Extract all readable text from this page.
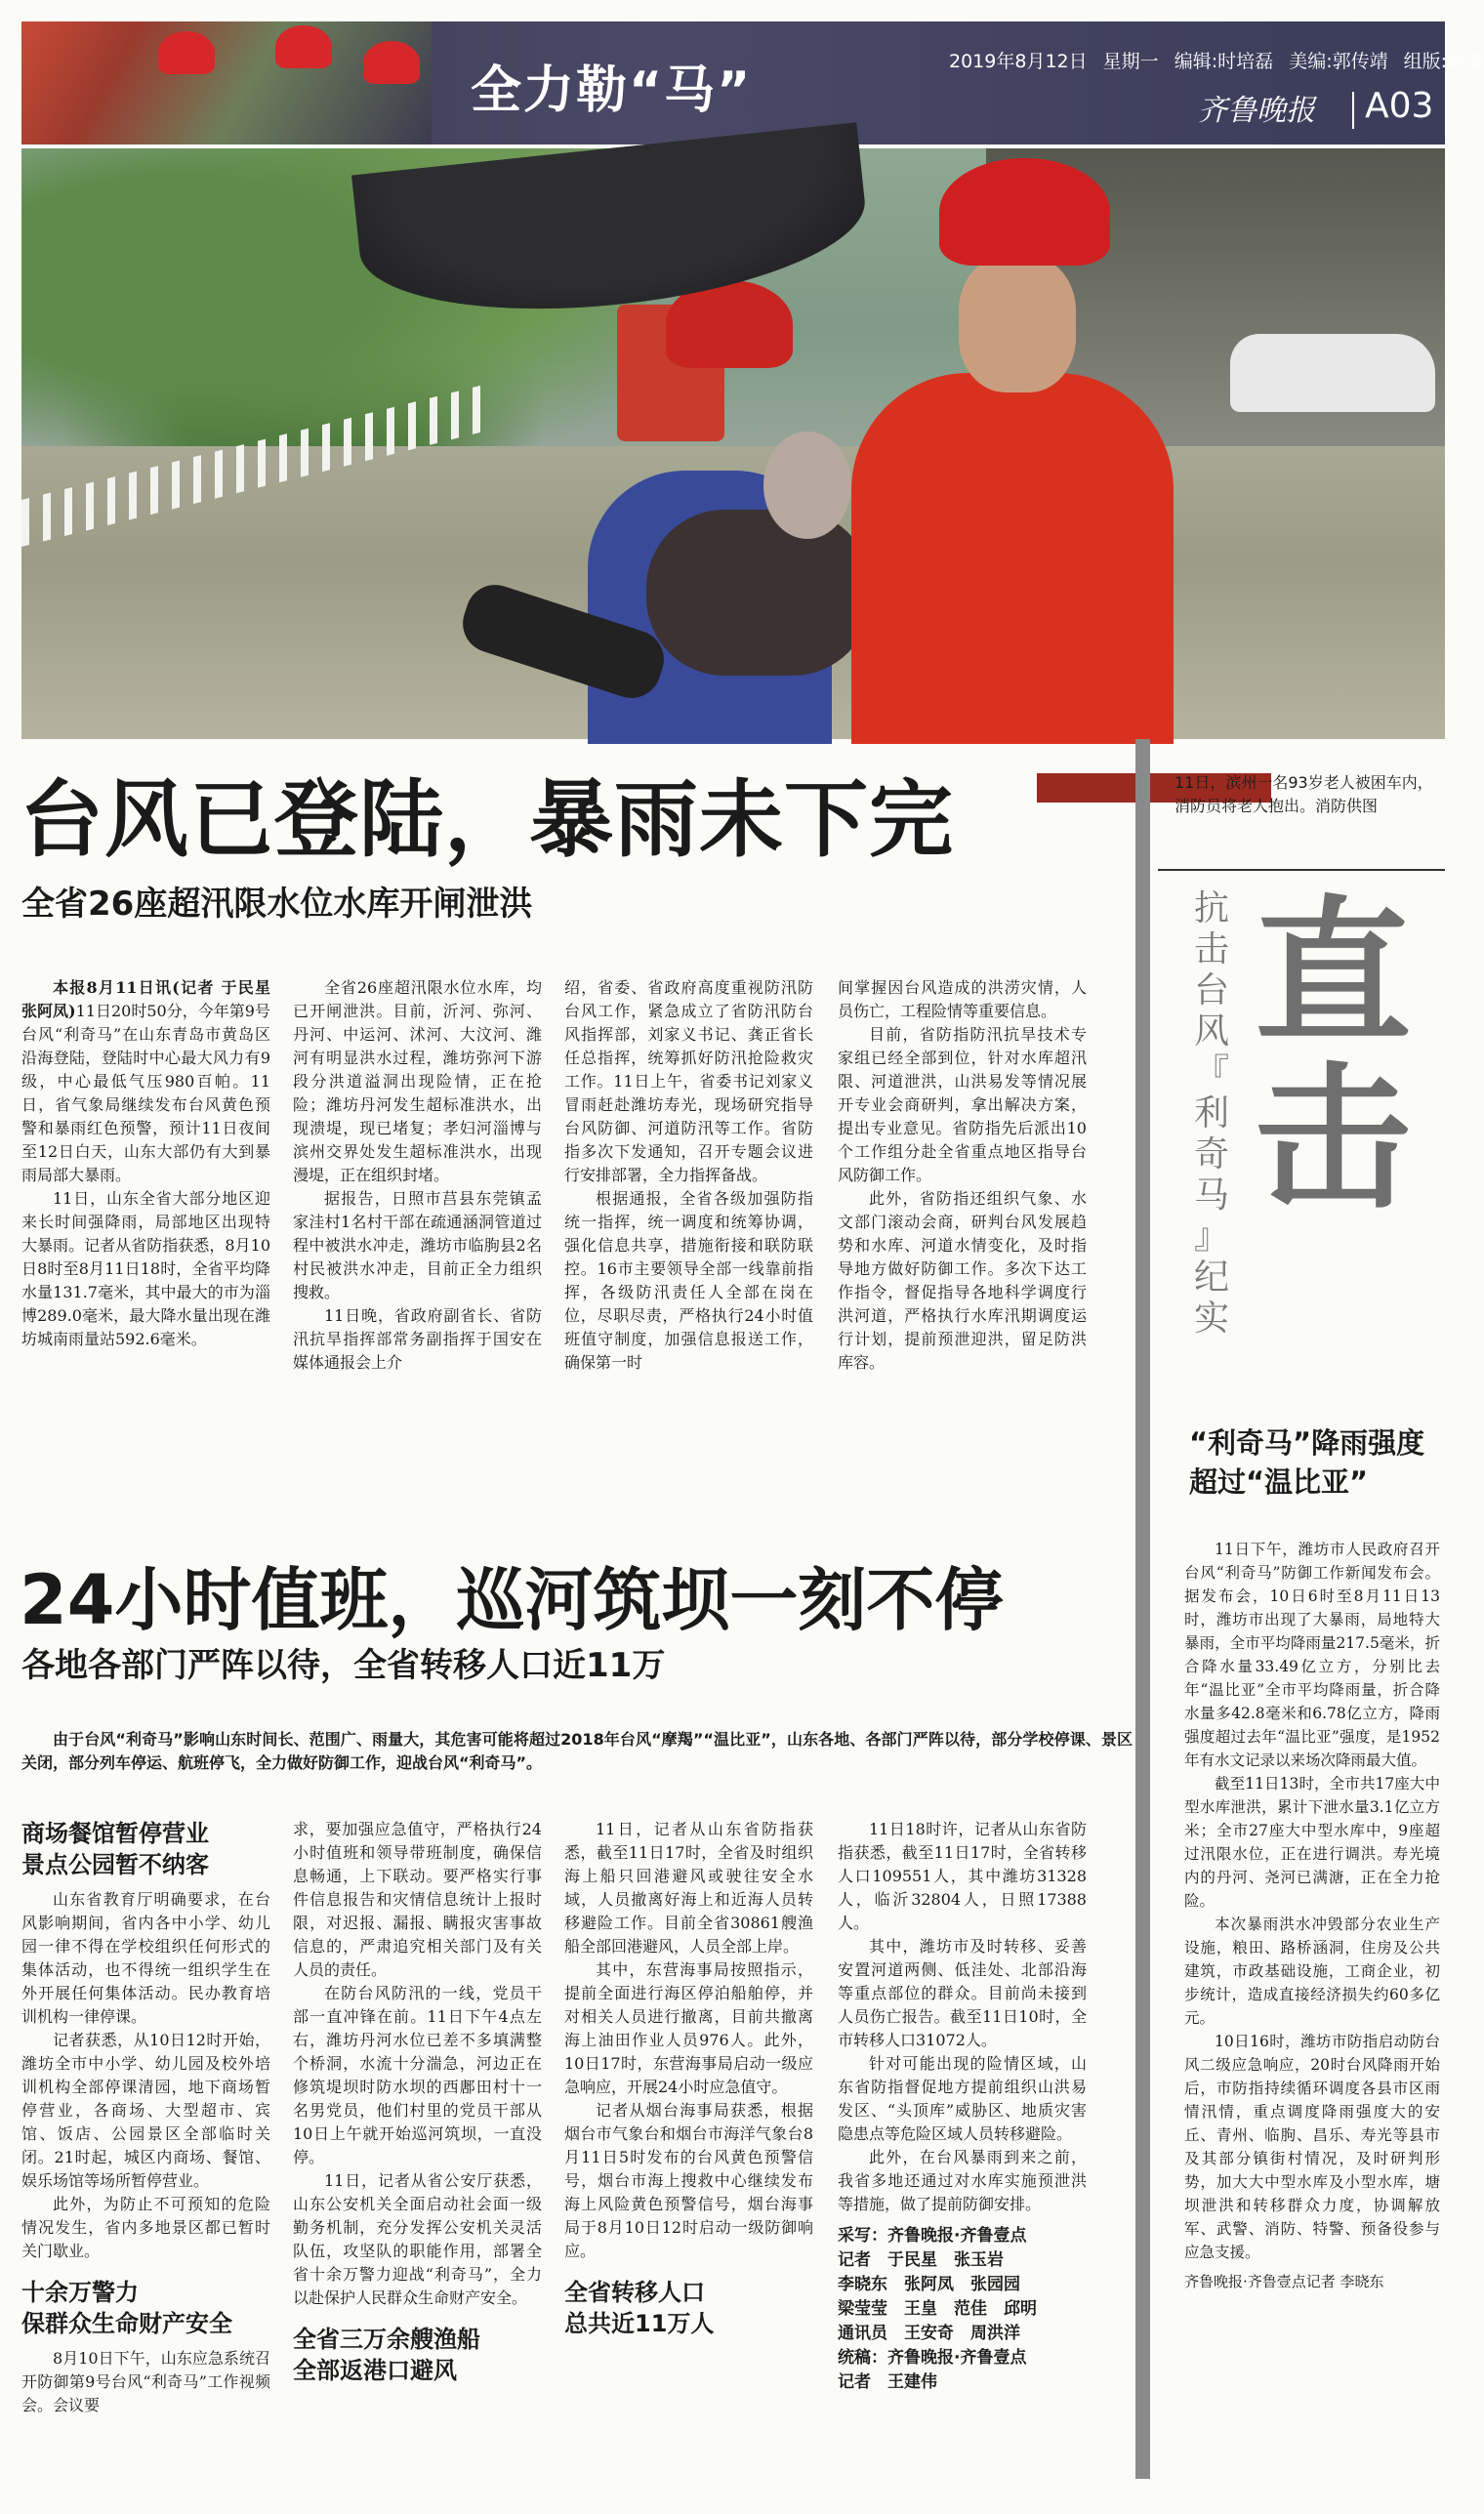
全力勒“马”	2019年8月12日 星期一 编辑:时培磊 美编:郭传靖 组版:徐凌
齐鲁晚报 A03
11日，滨州一名93岁老人被困车内，消防员将老人抱出。消防供图
抗
击
台
风
『
利
奇
马
』
纪
实
直
击
“利奇马”降雨强度
超过“温比亚”

11日下午，潍坊市人民政府召开台风“利奇马”防御工作新闻发布会。据发布会，10日6时至8月11日13时，潍坊市出现了大暴雨，局地特大暴雨，全市平均降雨量217.5毫米，折合降水量33.49亿立方，分别比去年“温比亚”全市平均降雨量，折合降水量多42.8毫米和6.78亿立方，降雨强度超过去年“温比亚”强度，是1952年有水文记录以来场次降雨最大值。

截至11日13时，全市共17座大中型水库泄洪，累计下泄水量3.1亿立方米；全市27座大中型水库中，9座超过汛限水位，正在进行调洪。寿光境内的丹河、尧河已满溏，正在全力抢险。

本次暴雨洪水冲毁部分农业生产设施，粮田、路桥涵洞，住房及公共建筑，市政基础设施，工商企业，初步统计，造成直接经济损失约60多亿元。

10日16时，潍坊市防指启动防台风二级应急响应，20时台风降雨开始后，市防指持续循环调度各县市区雨情汛情，重点调度降雨强度大的安丘、青州、临朐、昌乐、寿光等县市及其部分镇街村情况，及时研判形势，加大大中型水库及小型水库，塘坝泄洪和转移群众力度，协调解放军、武警、消防、特警、预备役参与应急支援。

齐鲁晚报·齐鲁壹点记者 李晓东
台风已登陆，暴雨未下完
全省26座超汛限水位水库开闸泄洪

本报8月11日讯(记者 于民星 张阿凤)11日20时50分，今年第9号台风“利奇马”在山东青岛市黄岛区沿海登陆，登陆时中心最大风力有9级，中心最低气压980百帕。11日，省气象局继续发布台风黄色预警和暴雨红色预警，预计11日夜间至12日白天，山东大部仍有大到暴雨局部大暴雨。

11日，山东全省大部分地区迎来长时间强降雨，局部地区出现特大暴雨。记者从省防指获悉，8月10日8时至8月11日18时，全省平均降水量131.7毫米，其中最大的市为淄博289.0毫米，最大降水量出现在潍坊城南雨量站592.6毫米。

全省26座超汛限水位水库，均已开闸泄洪。目前，沂河、弥河、丹河、中运河、沭河、大汶河、潍河有明显洪水过程，潍坊弥河下游段分洪道溢洞出现险情，正在抢险；潍坊丹河发生超标准洪水，出现溃堤，现已堵复；孝妇河淄博与滨州交界处发生超标准洪水，出现漫堤，正在组织封堵。

据报告，日照市莒县东莞镇孟家洼村1名村干部在疏通涵洞管道过程中被洪水冲走，潍坊市临朐县2名村民被洪水冲走，目前正全力组织搜救。

11日晚，省政府副省长、省防汛抗旱指挥部常务副指挥于国安在媒体通报会上介

绍，省委、省政府高度重视防汛防台风工作，紧急成立了省防汛防台风指挥部，刘家义书记、龚正省长任总指挥，统筹抓好防汛抢险救灾工作。11日上午，省委书记刘家义冒雨赶赴潍坊寿光，现场研究指导台风防御、河道防汛等工作。省防指多次下发通知，召开专题会议进行安排部署，全力指挥备战。

根据通报，全省各级加强防指统一指挥，统一调度和统筹协调，强化信息共享，措施衔接和联防联控。16市主要领导全部一线靠前指挥，各级防汛责任人全部在岗在位，尽职尽责，严格执行24小时值班值守制度，加强信息报送工作，确保第一时

间掌握因台风造成的洪涝灾情，人员伤亡，工程险情等重要信息。

目前，省防指防汛抗旱技术专家组已经全部到位，针对水库超汛限、河道泄洪，山洪易发等情况展开专业会商研判，拿出解决方案，提出专业意见。省防指先后派出10个工作组分赴全省重点地区指导台风防御工作。

此外，省防指还组织气象、水文部门滚动会商，研判台风发展趋势和水库、河道水情变化，及时指导地方做好防御工作。多次下达工作指令，督促指导各地科学调度行洪河道，严格执行水库汛期调度运行计划，提前预泄迎洪，留足防洪库容。

24小时值班，巡河筑坝一刻不停
各地各部门严阵以待，全省转移人口近11万
由于台风“利奇马”影响山东时间长、范围广、雨量大，其危害可能将超过2018年台风“摩羯”“温比亚”，山东各地、各部门严阵以待，部分学校停课、景区关闭，部分列车停运、航班停飞，全力做好防御工作，迎战台风“利奇马”。
商场餐馆暂停营业
景点公园暂不纳客

山东省教育厅明确要求，在台风影响期间，省内各中小学、幼儿园一律不得在学校组织任何形式的集体活动，也不得统一组织学生在外开展任何集体活动。民办教育培训机构一律停课。

记者获悉，从10日12时开始，潍坊全市中小学、幼儿园及校外培训机构全部停课清园，地下商场暂停营业，各商场、大型超市、宾馆、饭店、公园景区全部临时关闭。21时起，城区内商场、餐馆、娱乐场馆等场所暂停营业。

此外，为防止不可预知的危险情况发生，省内多地景区都已暂时关门歇业。

十余万警力
保群众生命财产安全

8月10日下午，山东应急系统召开防御第9号台风“利奇马”工作视频会。会议要

求，要加强应急值守，严格执行24小时值班和领导带班制度，确保信息畅通，上下联动。要严格实行事件信息报告和灾情信息统计上报时限，对迟报、漏报、瞒报灾害事故信息的，严肃追究相关部门及有关人员的责任。

在防台风防汛的一线，党员干部一直冲锋在前。11日下午4点左右，潍坊丹河水位已差不多填满整个桥洞，水流十分湍急，河边正在修筑堤坝时防水坝的西鄌田村十一名男党员，他们村里的党员干部从10日上午就开始巡河筑坝，一直没停。

11日，记者从省公安厅获悉，山东公安机关全面启动社会面一级勤务机制，充分发挥公安机关灵活队伍，攻坚队的职能作用，部署全省十余万警力迎战“利奇马”，全力以赴保护人民群众生命财产安全。

全省三万余艘渔船
全部返港口避风

11日，记者从山东省防指获悉，截至11日17时，全省及时组织海上船只回港避风或驶往安全水域，人员撤离好海上和近海人员转移避险工作。目前全省30861艘渔船全部回港避风，人员全部上岸。

其中，东营海事局按照指示，提前全面进行海区停泊船舶停，并对相关人员进行撤离，目前共撤离海上油田作业人员976人。此外，10日17时，东营海事局启动一级应急响应，开展24小时应急值守。

记者从烟台海事局获悉，根据烟台市气象台和烟台市海洋气象台8月11日5时发布的台风黄色预警信号，烟台市海上搜救中心继续发布海上风险黄色预警信号，烟台海事局于8月10日12时启动一级防御响应。

全省转移人口
总共近11万人

11日18时许，记者从山东省防指获悉，截至11日17时，全省转移人口109551人，其中潍坊31328人，临沂32804人，日照17388人。

其中，潍坊市及时转移、妥善安置河道两侧、低洼处、北部沿海等重点部位的群众。目前尚未接到人员伤亡报告。截至11日10时，全市转移人口31072人。

针对可能出现的险情区域，山东省防指督促地方提前组织山洪易发区、“头顶库”威胁区、地质灾害隐患点等危险区域人员转移避险。

此外，在台风暴雨到来之前，我省多地还通过对水库实施预泄洪等措施，做了提前防御安排。

采写：齐鲁晚报·齐鲁壹点
记者　于民星　张玉岩
李晓东　张阿凤　张园园
梁莹莹　王皇　范佳　邱明
通讯员　王安奇　周洪洋
统稿：齐鲁晚报·齐鲁壹点
记者　王建伟
